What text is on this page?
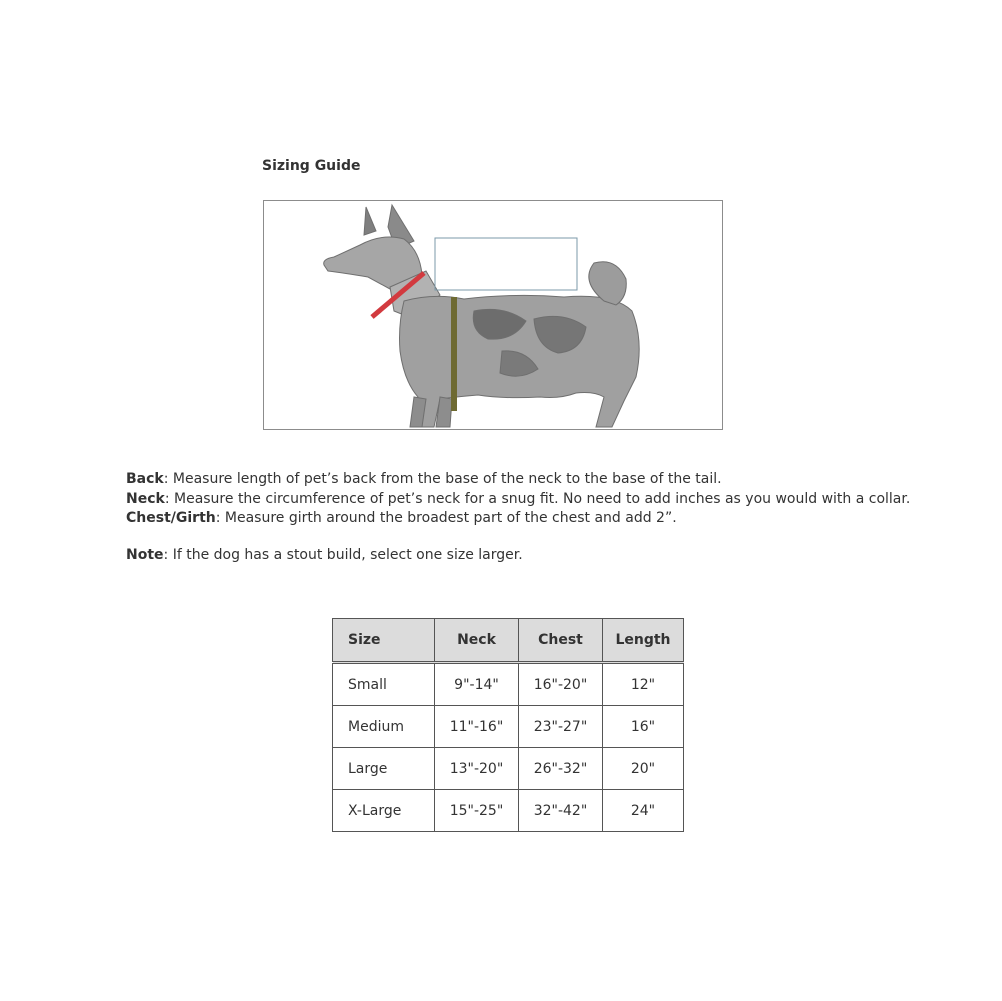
Sizing Guide
Back: Measure length of pet’s back from the base of the neck to the base of the tail.
Neck: Measure the circumference of pet’s neck for a snug fit. No need to add inches as you would with a collar.
Chest/Girth: Measure girth around the broadest part of the chest and add 2”.
Note: If the dog has a stout build, select one size larger.
Size	Neck	Chest	Length
Small	9"-14"	16"-20"	12"
Medium	11"-16"	23"-27"	16"
Large	13"-20"	26"-32"	20"
X-Large	15"-25"	32"-42"	24"
